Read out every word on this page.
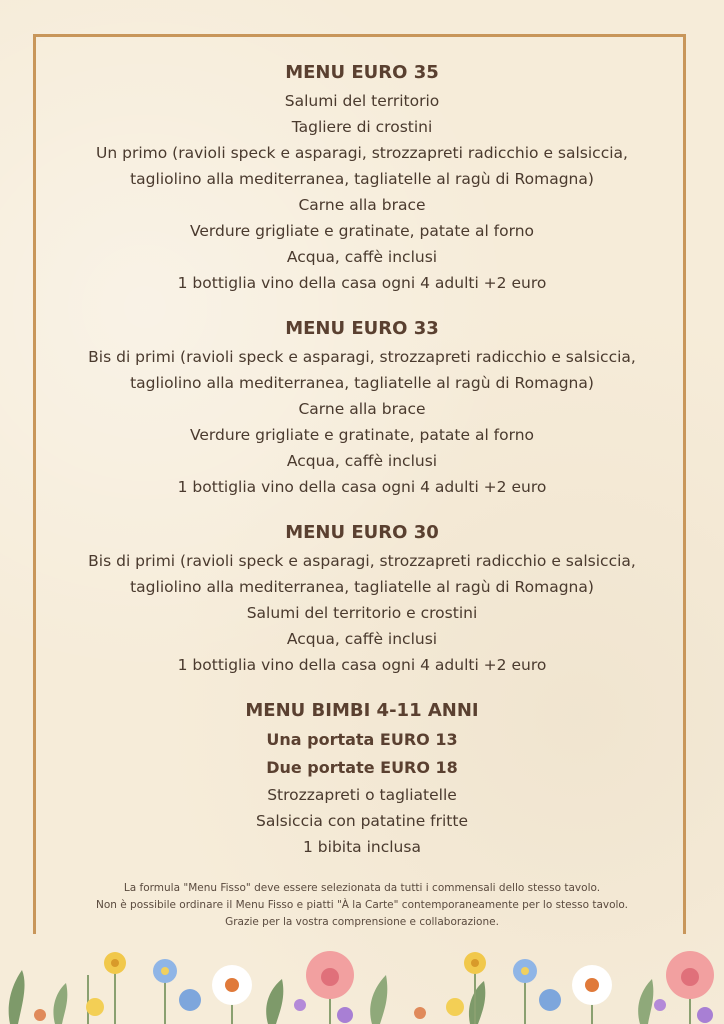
MENU EURO 35
Salumi del territorio
Tagliere di crostini
Un primo (ravioli speck e asparagi, strozzapreti radicchio e salsiccia,
tagliolino alla mediterranea, tagliatelle al ragù di Romagna)
Carne alla brace
Verdure grigliate e gratinate, patate al forno
Acqua, caffè inclusi
1 bottiglia vino della casa ogni 4 adulti +2 euro
MENU EURO 33
Bis di primi (ravioli speck e asparagi, strozzapreti radicchio e salsiccia,
tagliolino alla mediterranea, tagliatelle al ragù di Romagna)
Carne alla brace
Verdure grigliate e gratinate, patate al forno
Acqua, caffè inclusi
1 bottiglia vino della casa ogni 4 adulti +2 euro
MENU EURO 30
Bis di primi (ravioli speck e asparagi, strozzapreti radicchio e salsiccia,
tagliolino alla mediterranea, tagliatelle al ragù di Romagna)
Salumi del territorio e crostini
Acqua, caffè inclusi
1 bottiglia vino della casa ogni 4 adulti +2 euro
MENU BIMBI 4-11 ANNI
Una portata EURO 13
Due portate EURO 18
Strozzapreti o tagliatelle
Salsiccia con patatine fritte
1 bibita inclusa
La formula "Menu Fisso" deve essere selezionata da tutti i commensali dello stesso tavolo.
Non è possibile ordinare il Menu Fisso e piatti "À la Carte" contemporaneamente per lo stesso tavolo.
Grazie per la vostra comprensione e collaborazione.
